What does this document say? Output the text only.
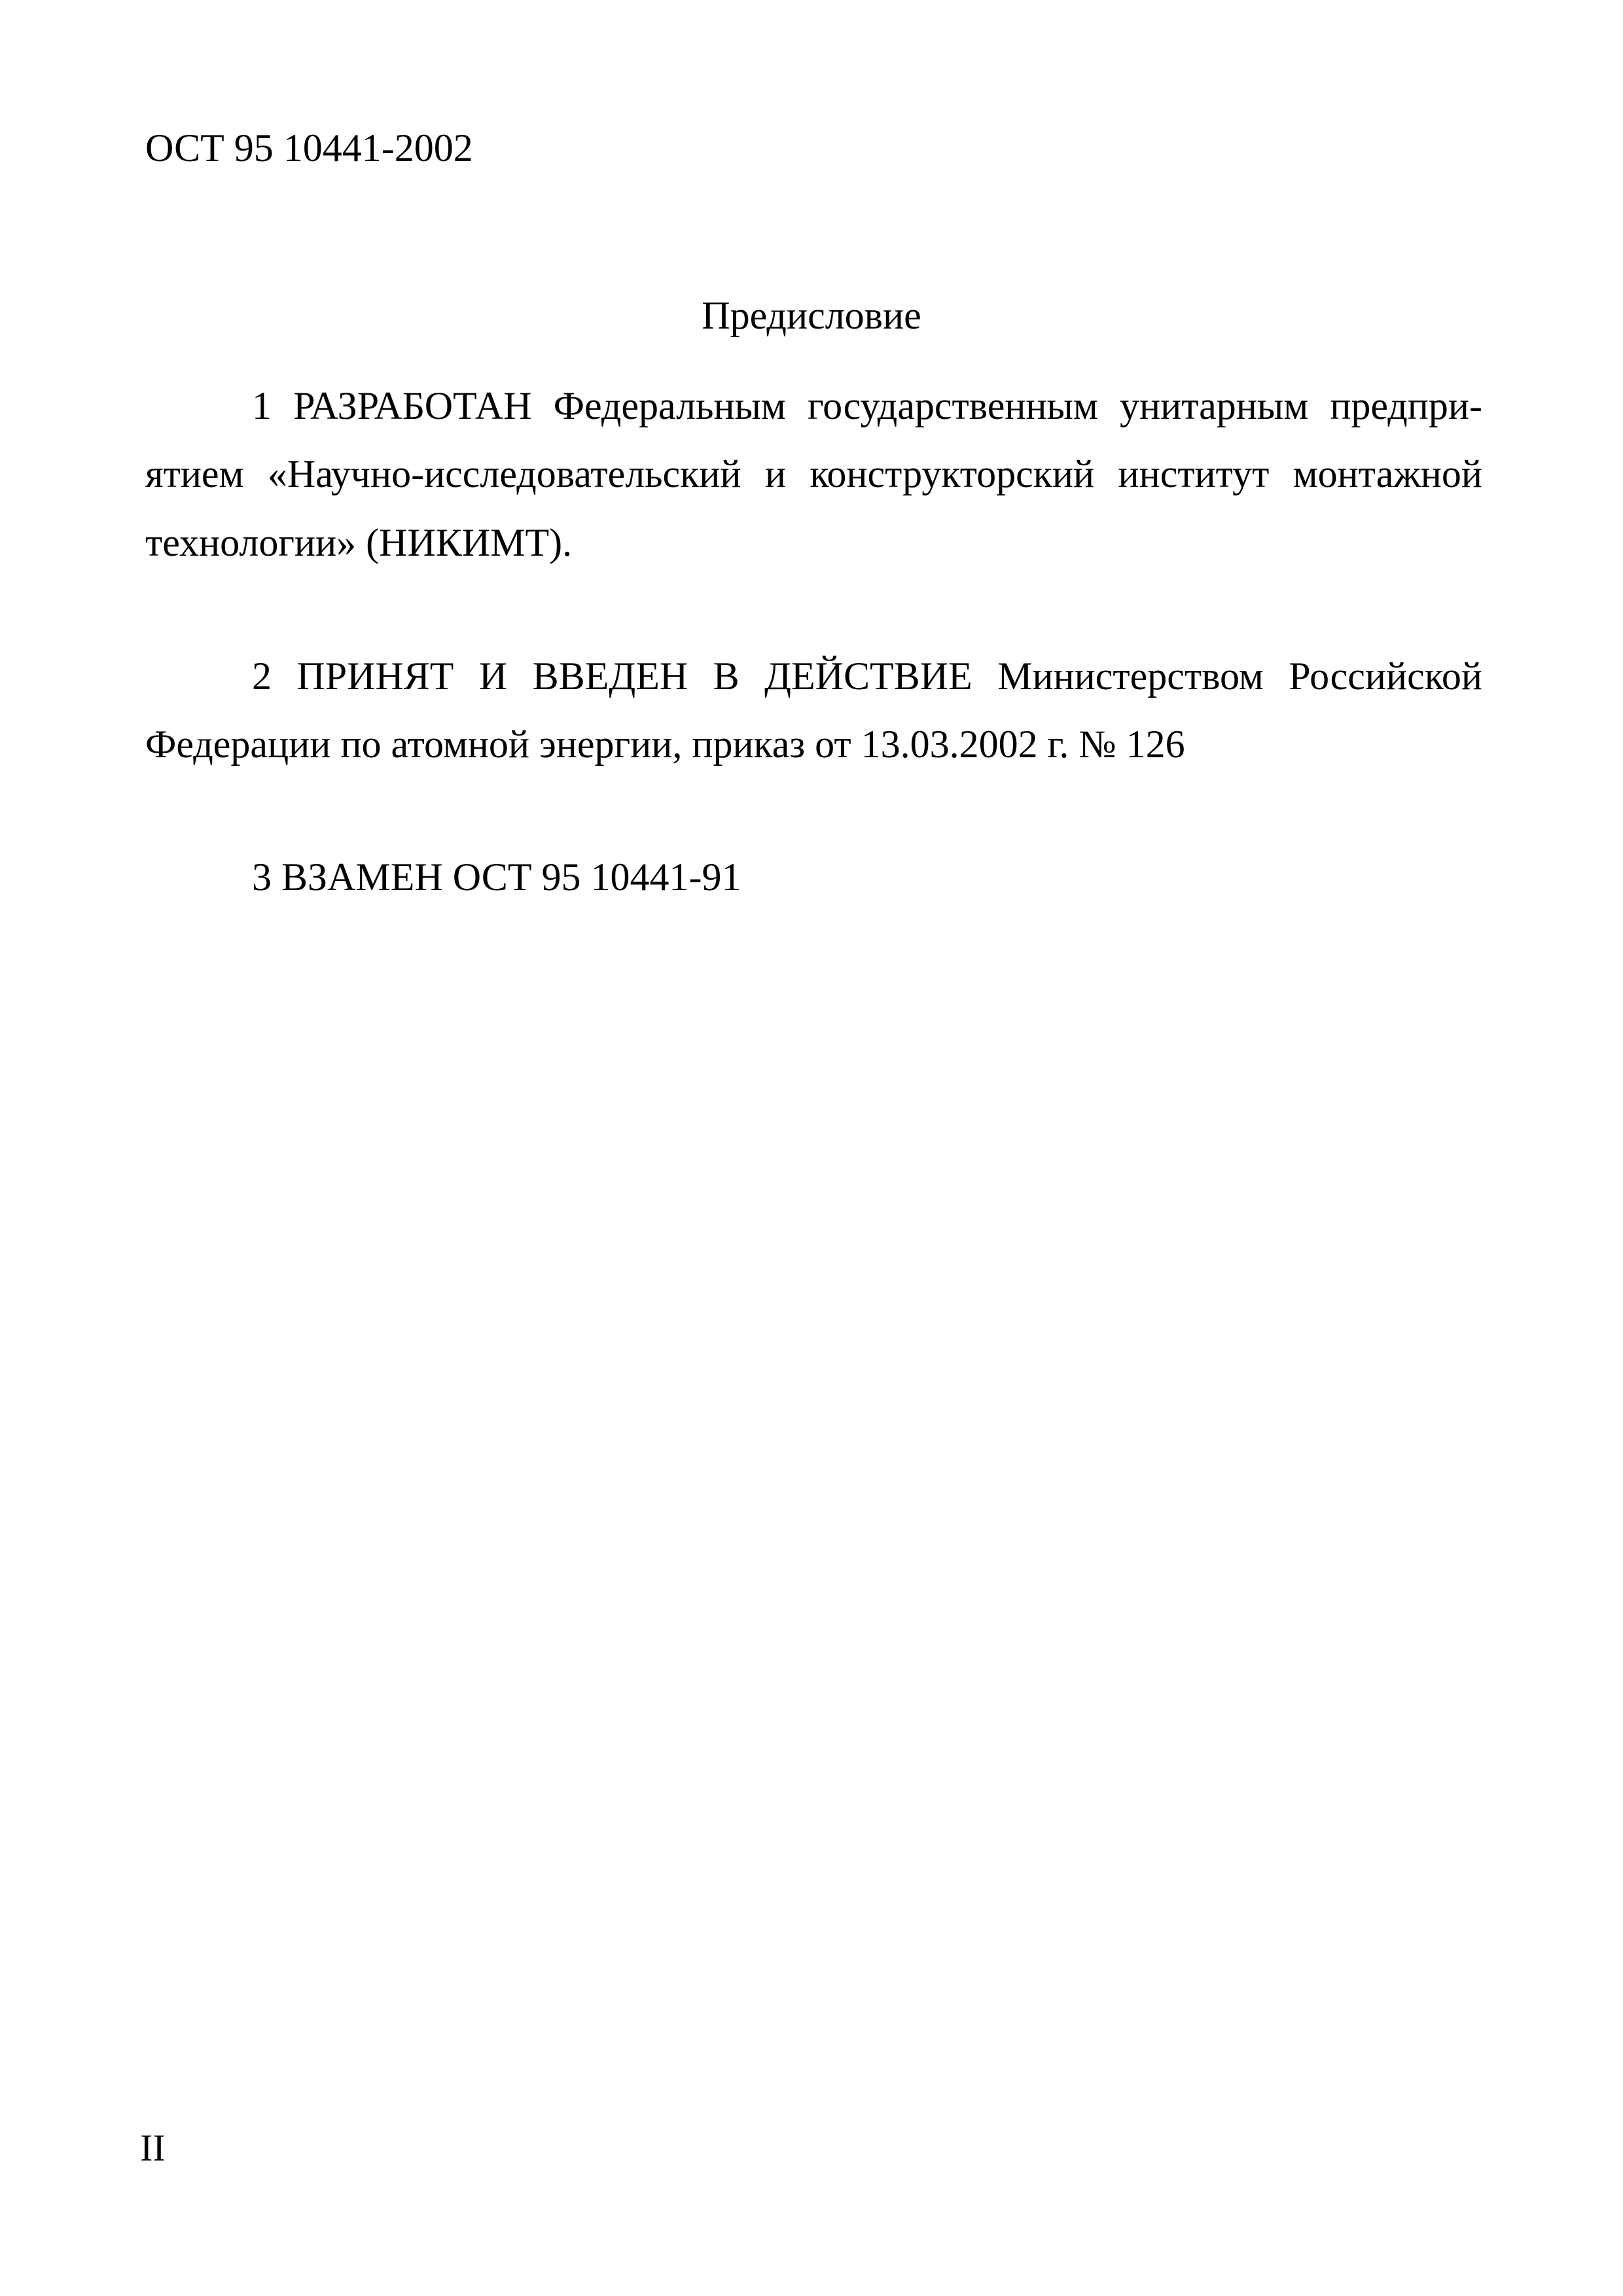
ОСТ 95 10441-2002
Предисловие
1 РАЗРАБОТАН Федеральным государственным унитарным предпри-
ятием «Научно-исследовательский и конструкторский институт монтажной
технологии» (НИКИМТ).
2 ПРИНЯТ И ВВЕДЕН В ДЕЙСТВИЕ Министерством Российской
Федерации по атомной энергии, приказ от 13.03.2002 г. № 126
3 ВЗАМЕН ОСТ 95 10441-91
II
